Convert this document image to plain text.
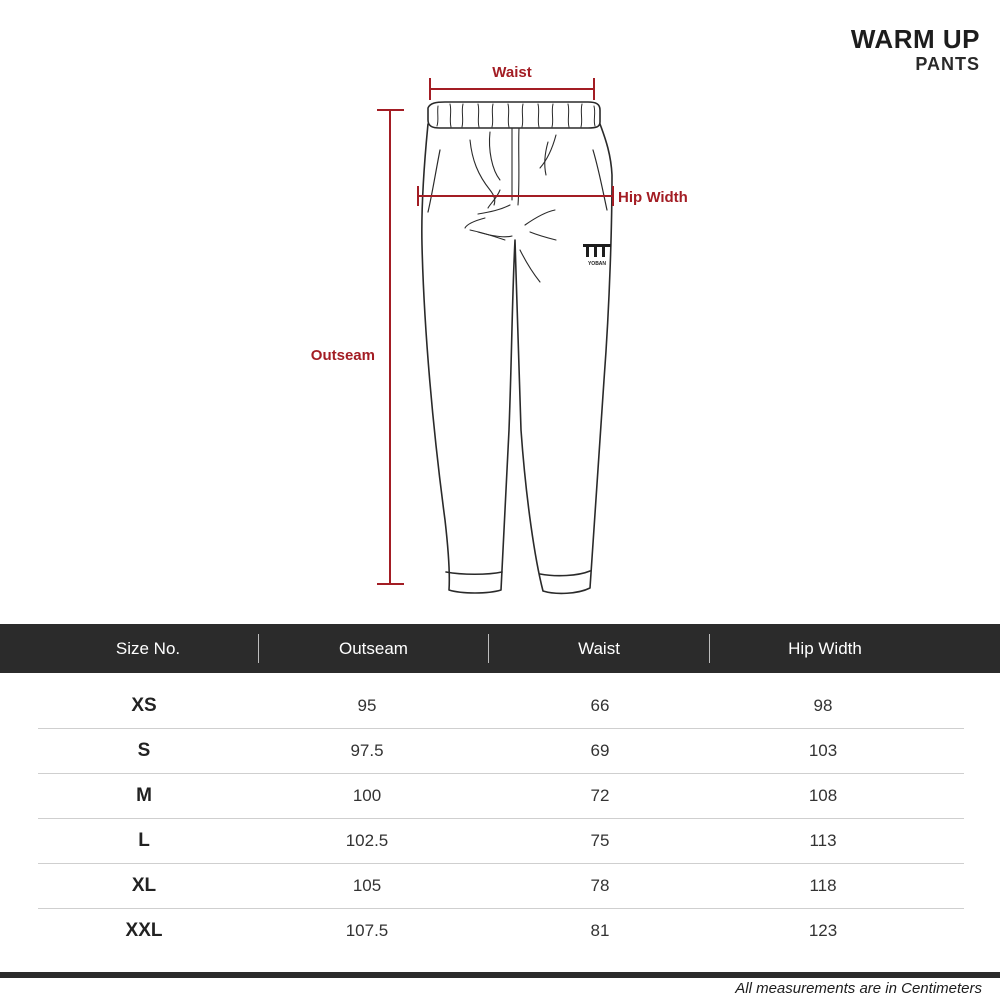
WARM UP
PANTS
YOBAN
Waist
Hip Width
Outseam
Size No.	Outseam	Waist	Hip Width
XS	95	66	98
S	97.5	69	103
M	100	72	108
L	102.5	75	113
XL	105	78	118
XXL	107.5	81	123
All measurements are in Centimeters
